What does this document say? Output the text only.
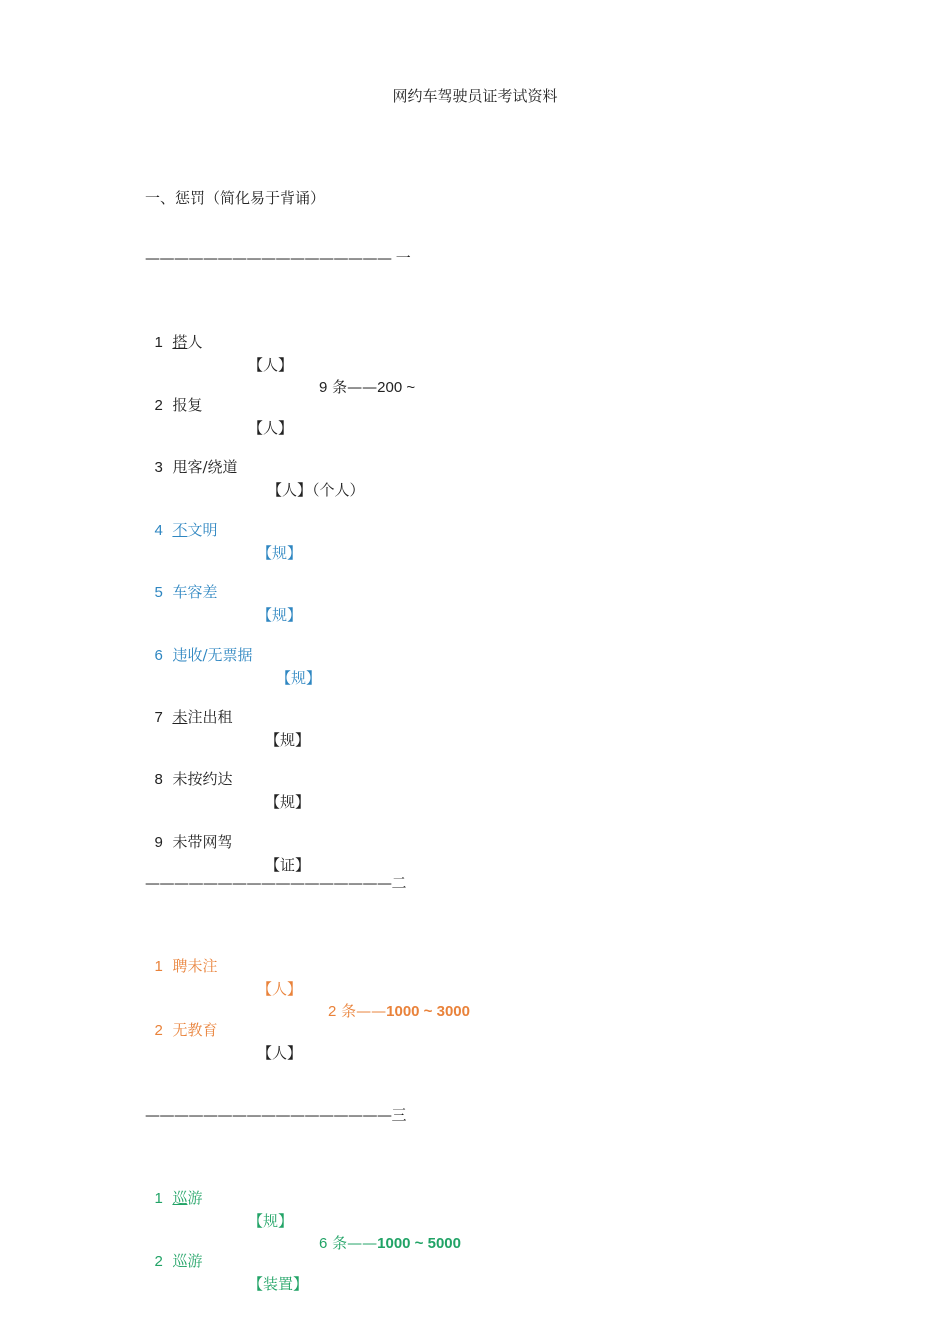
网约车驾驶员证考试资料
一、惩罚（简化易于背诵）
————————————————— 一

1 搭人

【人】

9 条——200 ~

2 报复

【人】

3 甩客/绕道

【人】（个人）

4 不文明

【规】

5 车容差

【规】

6 违收/无票据

【规】

7 未注出租

【规】

8 未按约达

【规】

9 未带网驾

【证】

—————————————————二

1 聘未注

【人】

2 条——1000 ~ 3000

2 无教育

【人】

—————————————————三

1 巡游

【规】

6 条——1000 ~ 5000

2 巡游

【装置】
